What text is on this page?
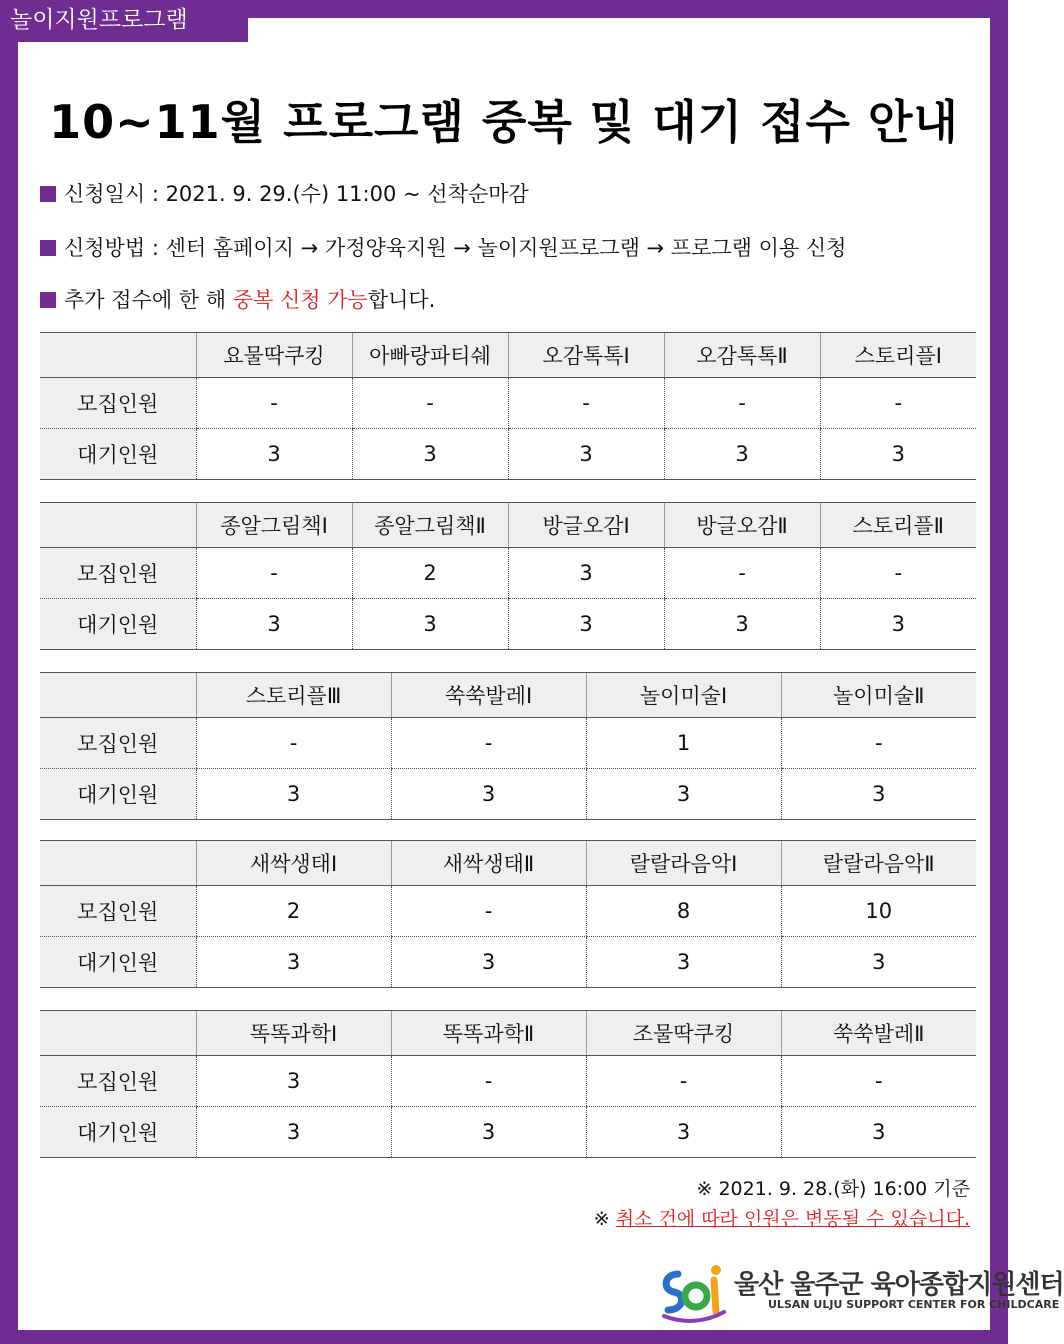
놀이지원프로그램
10~11월 프로그램 중복 및 대기 접수 안내
신청일시 : 2021. 9. 29.(수) 11:00 ~ 선착순마감
신청방법 : 센터 홈페이지 → 가정양육지원 → 놀이지원프로그램 → 프로그램 이용 신청
추가 접수에 한 해 중복 신청 가능합니다.
	요물딱쿠킹	아빠랑파티쉐	오감톡톡Ⅰ	오감톡톡Ⅱ	스토리플Ⅰ
모집인원	-	-	-	-	-
대기인원	3	3	3	3	3
	종알그림책Ⅰ	종알그림책Ⅱ	방글오감Ⅰ	방글오감Ⅱ	스토리플Ⅱ
모집인원	-	2	3	-	-
대기인원	3	3	3	3	3
	스토리플Ⅲ	쑥쑥발레Ⅰ	놀이미술Ⅰ	놀이미술Ⅱ
모집인원	-	-	1	-
대기인원	3	3	3	3
	새싹생태Ⅰ	새싹생태Ⅱ	랄랄라음악Ⅰ	랄랄라음악Ⅱ
모집인원	2	-	8	10
대기인원	3	3	3	3
	똑똑과학Ⅰ	똑똑과학Ⅱ	조물딱쿠킹	쑥쑥발레Ⅱ
모집인원	3	-	-	-
대기인원	3	3	3	3
※ 2021. 9. 28.(화) 16:00 기준
※ 취소 건에 따라 인원은 변동될 수 있습니다.
울산 울주군 육아종합지원센터
ULSAN ULJU SUPPORT CENTER FOR CHILDCARE
